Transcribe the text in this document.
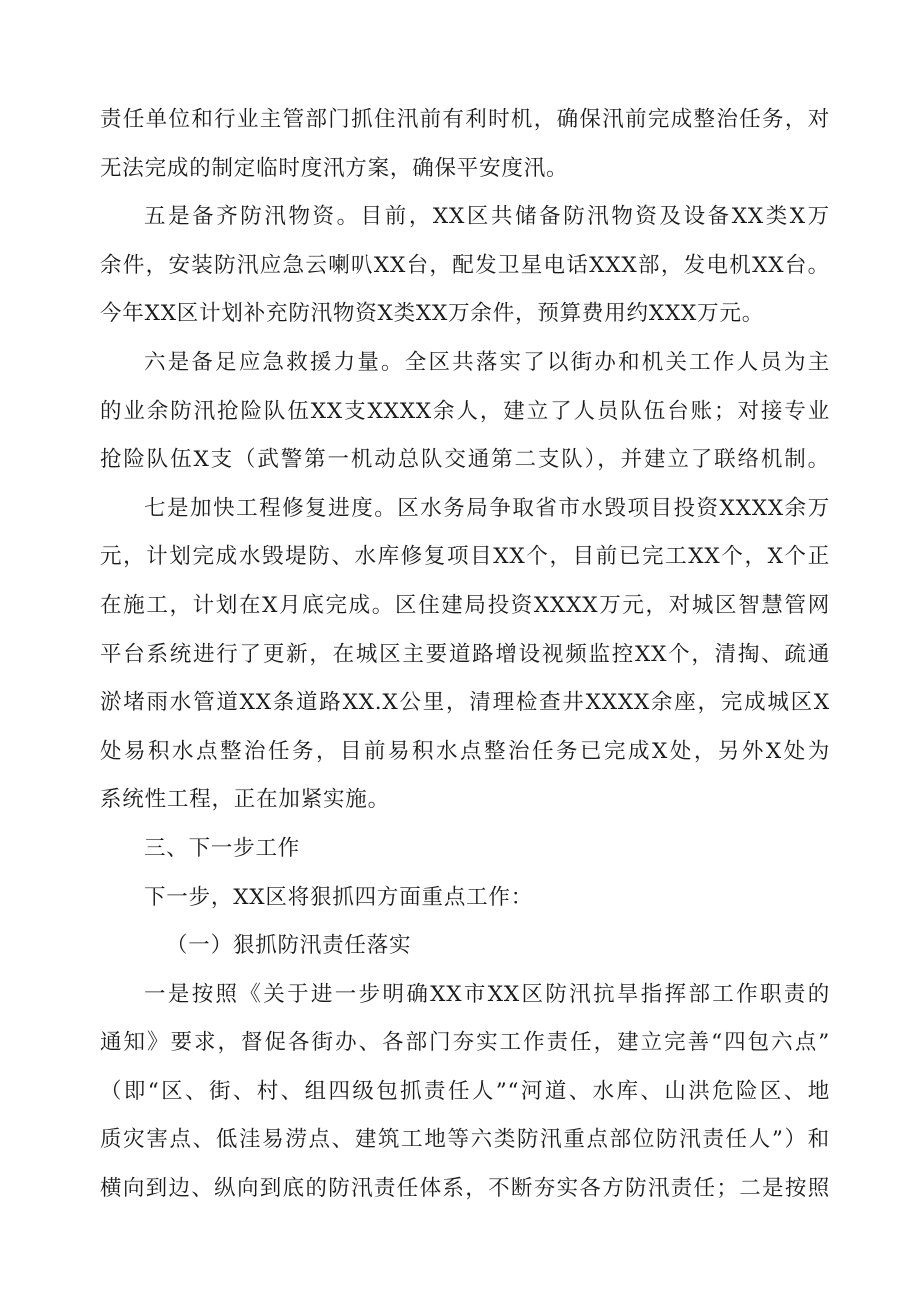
责任单位和行业主管部门抓住汛前有利时机，确保汛前完成整治任务，对
无法完成的制定临时度汛方案，确保平安度汛。
五是备齐防汛物资。目前，XX区共储备防汛物资及设备XX类X万
余件，安装防汛应急云喇叭XX台，配发卫星电话XXX部，发电机XX台。
今年XX区计划补充防汛物资X类XX万余件，预算费用约XXX万元。
六是备足应急救援力量。全区共落实了以街办和机关工作人员为主
的业余防汛抢险队伍XX支XXXX余人，建立了人员队伍台账；对接专业
抢险队伍X支（武警第一机动总队交通第二支队），并建立了联络机制。
七是加快工程修复进度。区水务局争取省市水毁项目投资XXXX余万
元，计划完成水毁堤防、水库修复项目XX个，目前已完工XX个，X个正
在施工，计划在X月底完成。区住建局投资XXXX万元，对城区智慧管网
平台系统进行了更新，在城区主要道路增设视频监控XX个，清掏、疏通
淤堵雨水管道XX条道路XX.X公里，清理检查井XXXX余座，完成城区X
处易积水点整治任务，目前易积水点整治任务已完成X处，另外X处为
系统性工程，正在加紧实施。
三、下一步工作
下一步，XX区将狠抓四方面重点工作：
（一）狠抓防汛责任落实
一是按照《关于进一步明确XX市XX区防汛抗旱指挥部工作职责的
通知》要求，督促各街办、各部门夯实工作责任，建立完善“四包六点”
（即“区、街、村、组四级包抓责任人”“河道、水库、山洪危险区、地
质灾害点、低洼易涝点、建筑工地等六类防汛重点部位防汛责任人”）和
横向到边、纵向到底的防汛责任体系，不断夯实各方防汛责任；二是按照
